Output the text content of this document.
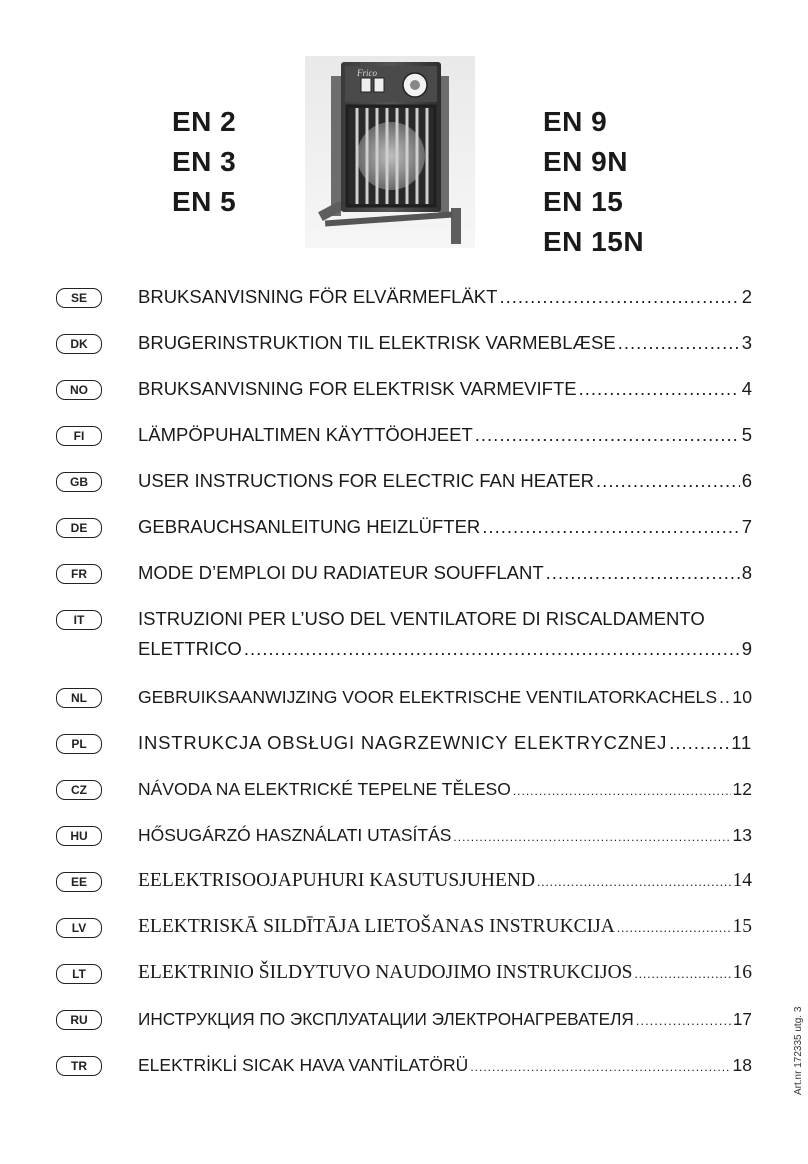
EN 2
EN 3
EN 5
EN 9
EN 9N
EN 15
EN 15N
Frico
SE	BRUKSANVISNING FÖR ELVÄRMEFLÄKT .....	2
DK	BRUGERINSTRUKTION TIL ELEKTRISK VARMEBLÆSE .....	3
NO	BRUKSANVISNING FOR ELEKTRISK VARMEVIFTE .....	4
FI	LÄMPÖPUHALTIMEN KÄYTTÖOHJEET .....	5
GB	USER INSTRUCTIONS FOR ELECTRIC FAN HEATER .....	6
DE	GEBRAUCHSANLEITUNG HEIZLÜFTER .....	7
FR	MODE D’EMPLOI DU RADIATEUR SOUFFLANT .....	8
IT	ISTRUZIONI PER L’USO DEL VENTILATORE DI RISCALDAMENTO
ELETTRICO .....	9
NL	GEBRUIKSAANWIJZING VOOR ELEKTRISCHE VENTILATORKACHELS ..... 10
PL	INSTRUKCJA OBSŁUGI NAGRZEWNICY ELEKTRYCZNEJ .....	11
CZ	NÁVODA NA ELEKTRICKÉ TEPELNE TĚLESO .....	12
HU	HŐSUGÁRZÓ HASZNÁLATI UTASÍTÁS .....	13
EE	EELEKTRISOOJAPUHURI KASUTUSJUHEND .....	14
LV	ELEKTRISKĀ SILDĪTĀJA LIETOŠANAS INSTRUKCIJA .....	15
LT	ELEKTRINIO ŠILDYTUVO NAUDOJIMO INSTRUKCIJOS .....	16
RU	ИНСТРУКЦИЯ ПО ЭКСПЛУАТАЦИИ ЭЛЕКТРОНАГРЕВАТЕЛЯ .....	17
TR	ELEKTRİKLİ SICAK HAVA VANTİLATÖRÜ .....	18	Art.nr 172335 utg. 3
